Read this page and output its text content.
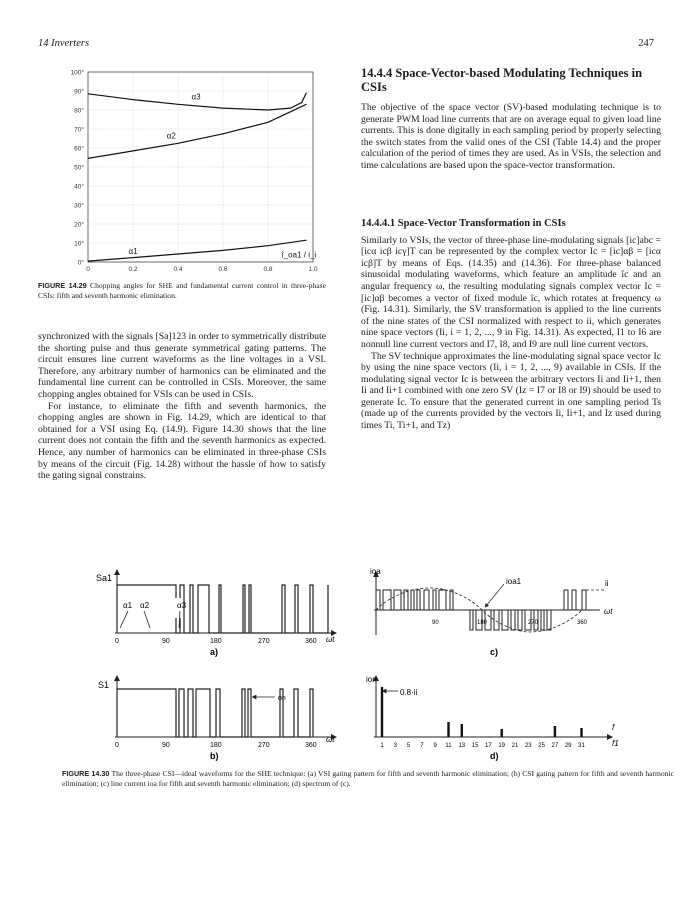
14 Inverters	247
100°
90°
80°
70°
60°
50°
40°
30°
20°
10°
0°
0	0.2	0.4	0.6	0.8	1.0
α3
α2
α1	î_oa1 / i_i
FIGURE 14.29 Chopping angles for SHE and fundamental current control in three-phase CSIs: fifth and seventh harmonic elimination.

synchronized with the signals [Sa]123 in order to symmetrically distribute the shorting pulse and thus generate symmetrical gating patterns. The circuit ensures line current waveforms as the line voltages in a VSI. Therefore, any arbitrary number of harmonics can be eliminated and the fundamental line current can be controlled in CSIs. Moreover, the same chopping angles obtained for VSIs can be used in CSIs.

For instance, to eliminate the fifth and seventh harmonics, the chopping angles are shown in Fig. 14.29, which are identical to that obtained for a VSI using Eq. (14.9). Figure 14.30 shows that the line current does not contain the fifth and the seventh harmonics as expected. Hence, any number of harmonics can be eliminated in three-phase CSIs by means of the circuit (Fig. 14.28) without the hassle of how to satisfy the gating signal constrains.

14.4.4 Space-Vector-based Modulating Techniques in CSIs

The objective of the space vector (SV)-based modulating technique is to generate PWM load line currents that are on average equal to given load line currents. This is done digitally in each sampling period by properly selecting the switch states from the valid ones of the CSI (Table 14.4) and the proper calculation of the period of times they are used. As in VSIs, the selection and time calculations are based upon the space-vector transformation.

14.4.4.1 Space-Vector Transformation in CSIs

Similarly to VSIs, the vector of three-phase line-modulating signals [ic]abc = [icα icβ icγ]T can be represented by the complex vector Ic = [ic]αβ = [icα icβ]T by means of Eqs. (14.35) and (14.36). For three-phase balanced sinusoidal modulating waveforms, which feature an amplitude îc and an angular frequency ω, the resulting modulating signals complex vector Ic = [ic]αβ becomes a vector of fixed module îc, which rotates at frequency ω (Fig. 14.31). Similarly, the SV transformation is applied to the line currents of the nine states of the CSI normalized with respect to ii, which generates nine space vectors (Ii, i = 1, 2, ..., 9 in Fig. 14.31). As expected, I1 to I6 are nonnull line current vectors and I7, I8, and I9 are null line current vectors.

The SV technique approximates the line-modulating signal space vector Ic by using the nine space vectors (Ii, i = 1, 2, ..., 9) available in CSIs. If the modulating signal vector Ic is between the arbitrary vectors Ii and Ii+1, then Ii and Ii+1 combined with one zero SV (Iz = I7 or I8 or I9) should be used to generate Ic. To ensure that the generated current in one sampling period Ts (made up of the currents provided by the vectors Ii, Ii+1, and Iz used during times Ti, Ti+1, and Tz)

Sa1
α1 α2	α3
0	90	180	270	360 ωt
a)
S1
on
0	90	180	270	360
ωt
b)
ioa
ioa1	ii
90	180	270	360
ωt
c)
ion
0.8·ii
1 3 5 7 9 11 13 15 17 19 21 23 25 27 29 31
f
f1
d)
FIGURE 14.30 The three-phase CSI—ideal waveforms for the SHE technique: (a) VSI gating pattern for fifth and seventh harmonic elimination; (b) CSI gating pattern for fifth and seventh harmonic elimination; (c) line current ioa for fifth and seventh harmonic elimination; (d) spectrum of (c).
